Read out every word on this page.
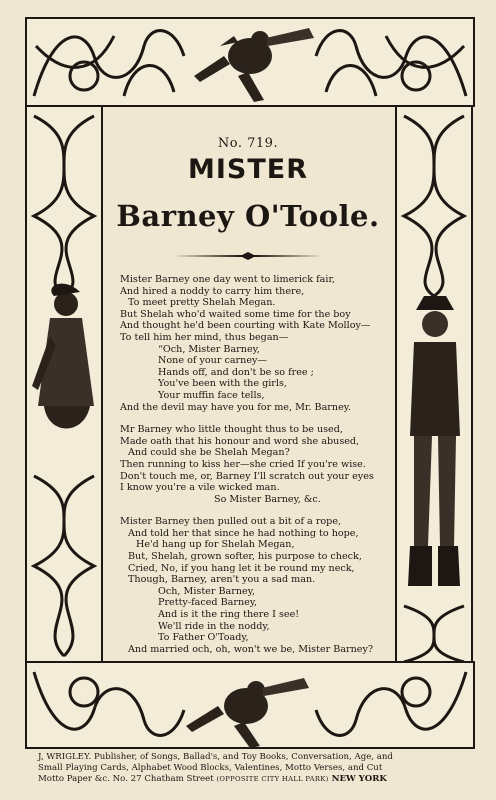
No. 719.
MISTER
Barney O'Toole.
Mister Barney one day went to limerick fair,
And hired a noddy to carry him there,
To meet pretty Shelah Megan.
But Shelah who'd waited some time for the boy
And thought he'd been courting with Kate Molloy—
To tell him her mind, thus began—
“Och, Mister Barney,
None of your carney—
Hands off, and don't be so free ;
You've been with the girls,
Your muffin face tells,
And the devil may have you for me, Mr. Barney.
Mr Barney who little thought thus to be used,
Made oath that his honour and word she abused,
And could she be Shelah Megan?
Then running to kiss her—she cried If you're wise.
Don't touch me, or, Barney I'll scratch out your eyes
I know you're a vile wicked man.
So Mister Barney, &c.
Mister Barney then pulled out a bit of a rope,
And told her that since he had nothing to hope,
He'd hang up for Shelah Megan,
But, Shelah, grown softer, his purpose to check,
Cried, No, if you hang let it be round my neck,
Though, Barney, aren't you a sad man.
Och, Mister Barney,
Pretty-faced Barney,
And is it the ring there I see!
We'll ride in the noddy,
To Father O'Toady,
And married och, oh, won't we be, Mister Barney?
J, WRIGLEY. Publisher, of Songs, Ballad's, and Toy Books, Conversation, Age, and
Small Playing Cards, Alphabet Wood Blocks, Valentines, Motto Verses, and Cut
Motto Paper &c. No. 27 Chatham Street (OPPOSITE CITY HALL PARK) NEW YORK
